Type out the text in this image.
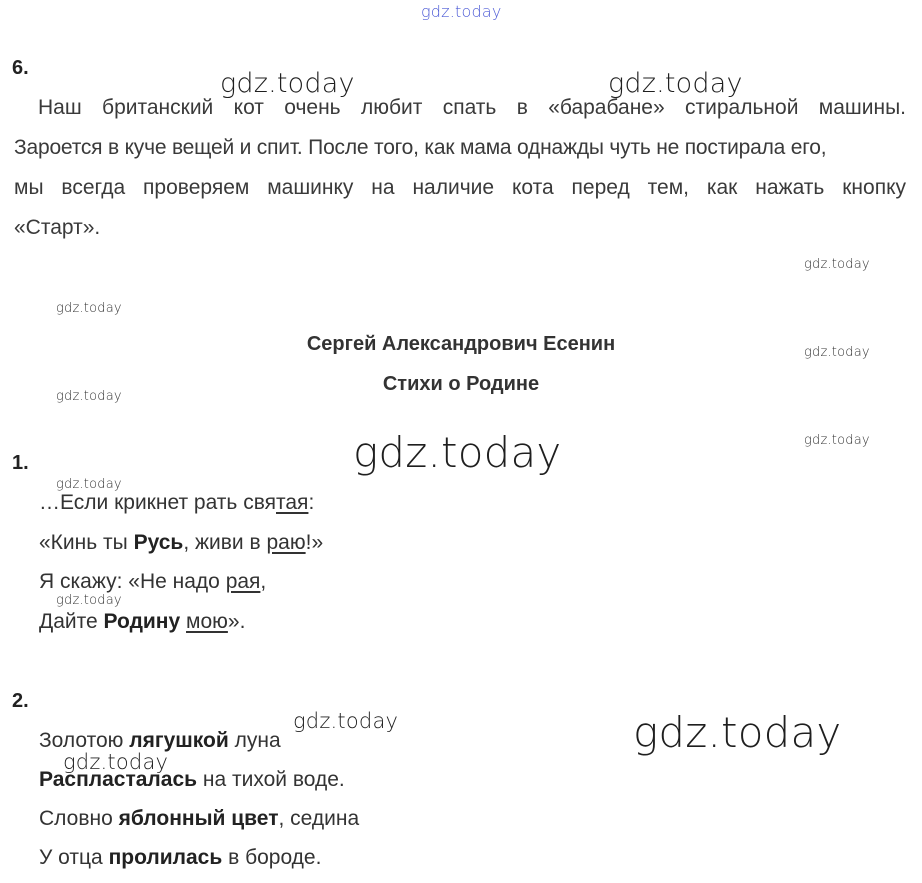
gdz.today
gdz.today	gdz.today
gdz.today
gdz.today
gdz.today
gdz.today
gdz.today
gdz.today
gdz.today
gdz.today
gdz.today
gdz.today
gdz.today
6.
Наш британский кот очень любит спать в «барабане» стиральной машины.
Зароется в куче вещей и спит. После того, как мама однажды чуть не постирала его,
мы всегда проверяем машинку на наличие кота перед тем, как нажать кнопку
«Старт».
Сергей Александрович Есенин
Стихи о Родине
1.
…Если крикнет рать святая:
«Кинь ты Русь, живи в раю!»
Я скажу: «Не надо рая,
Дайте Родину мою».
2.
Золотою лягушкой луна
Распласталась на тихой воде.
Словно яблонный цвет, седина
У отца пролилась в бороде.
